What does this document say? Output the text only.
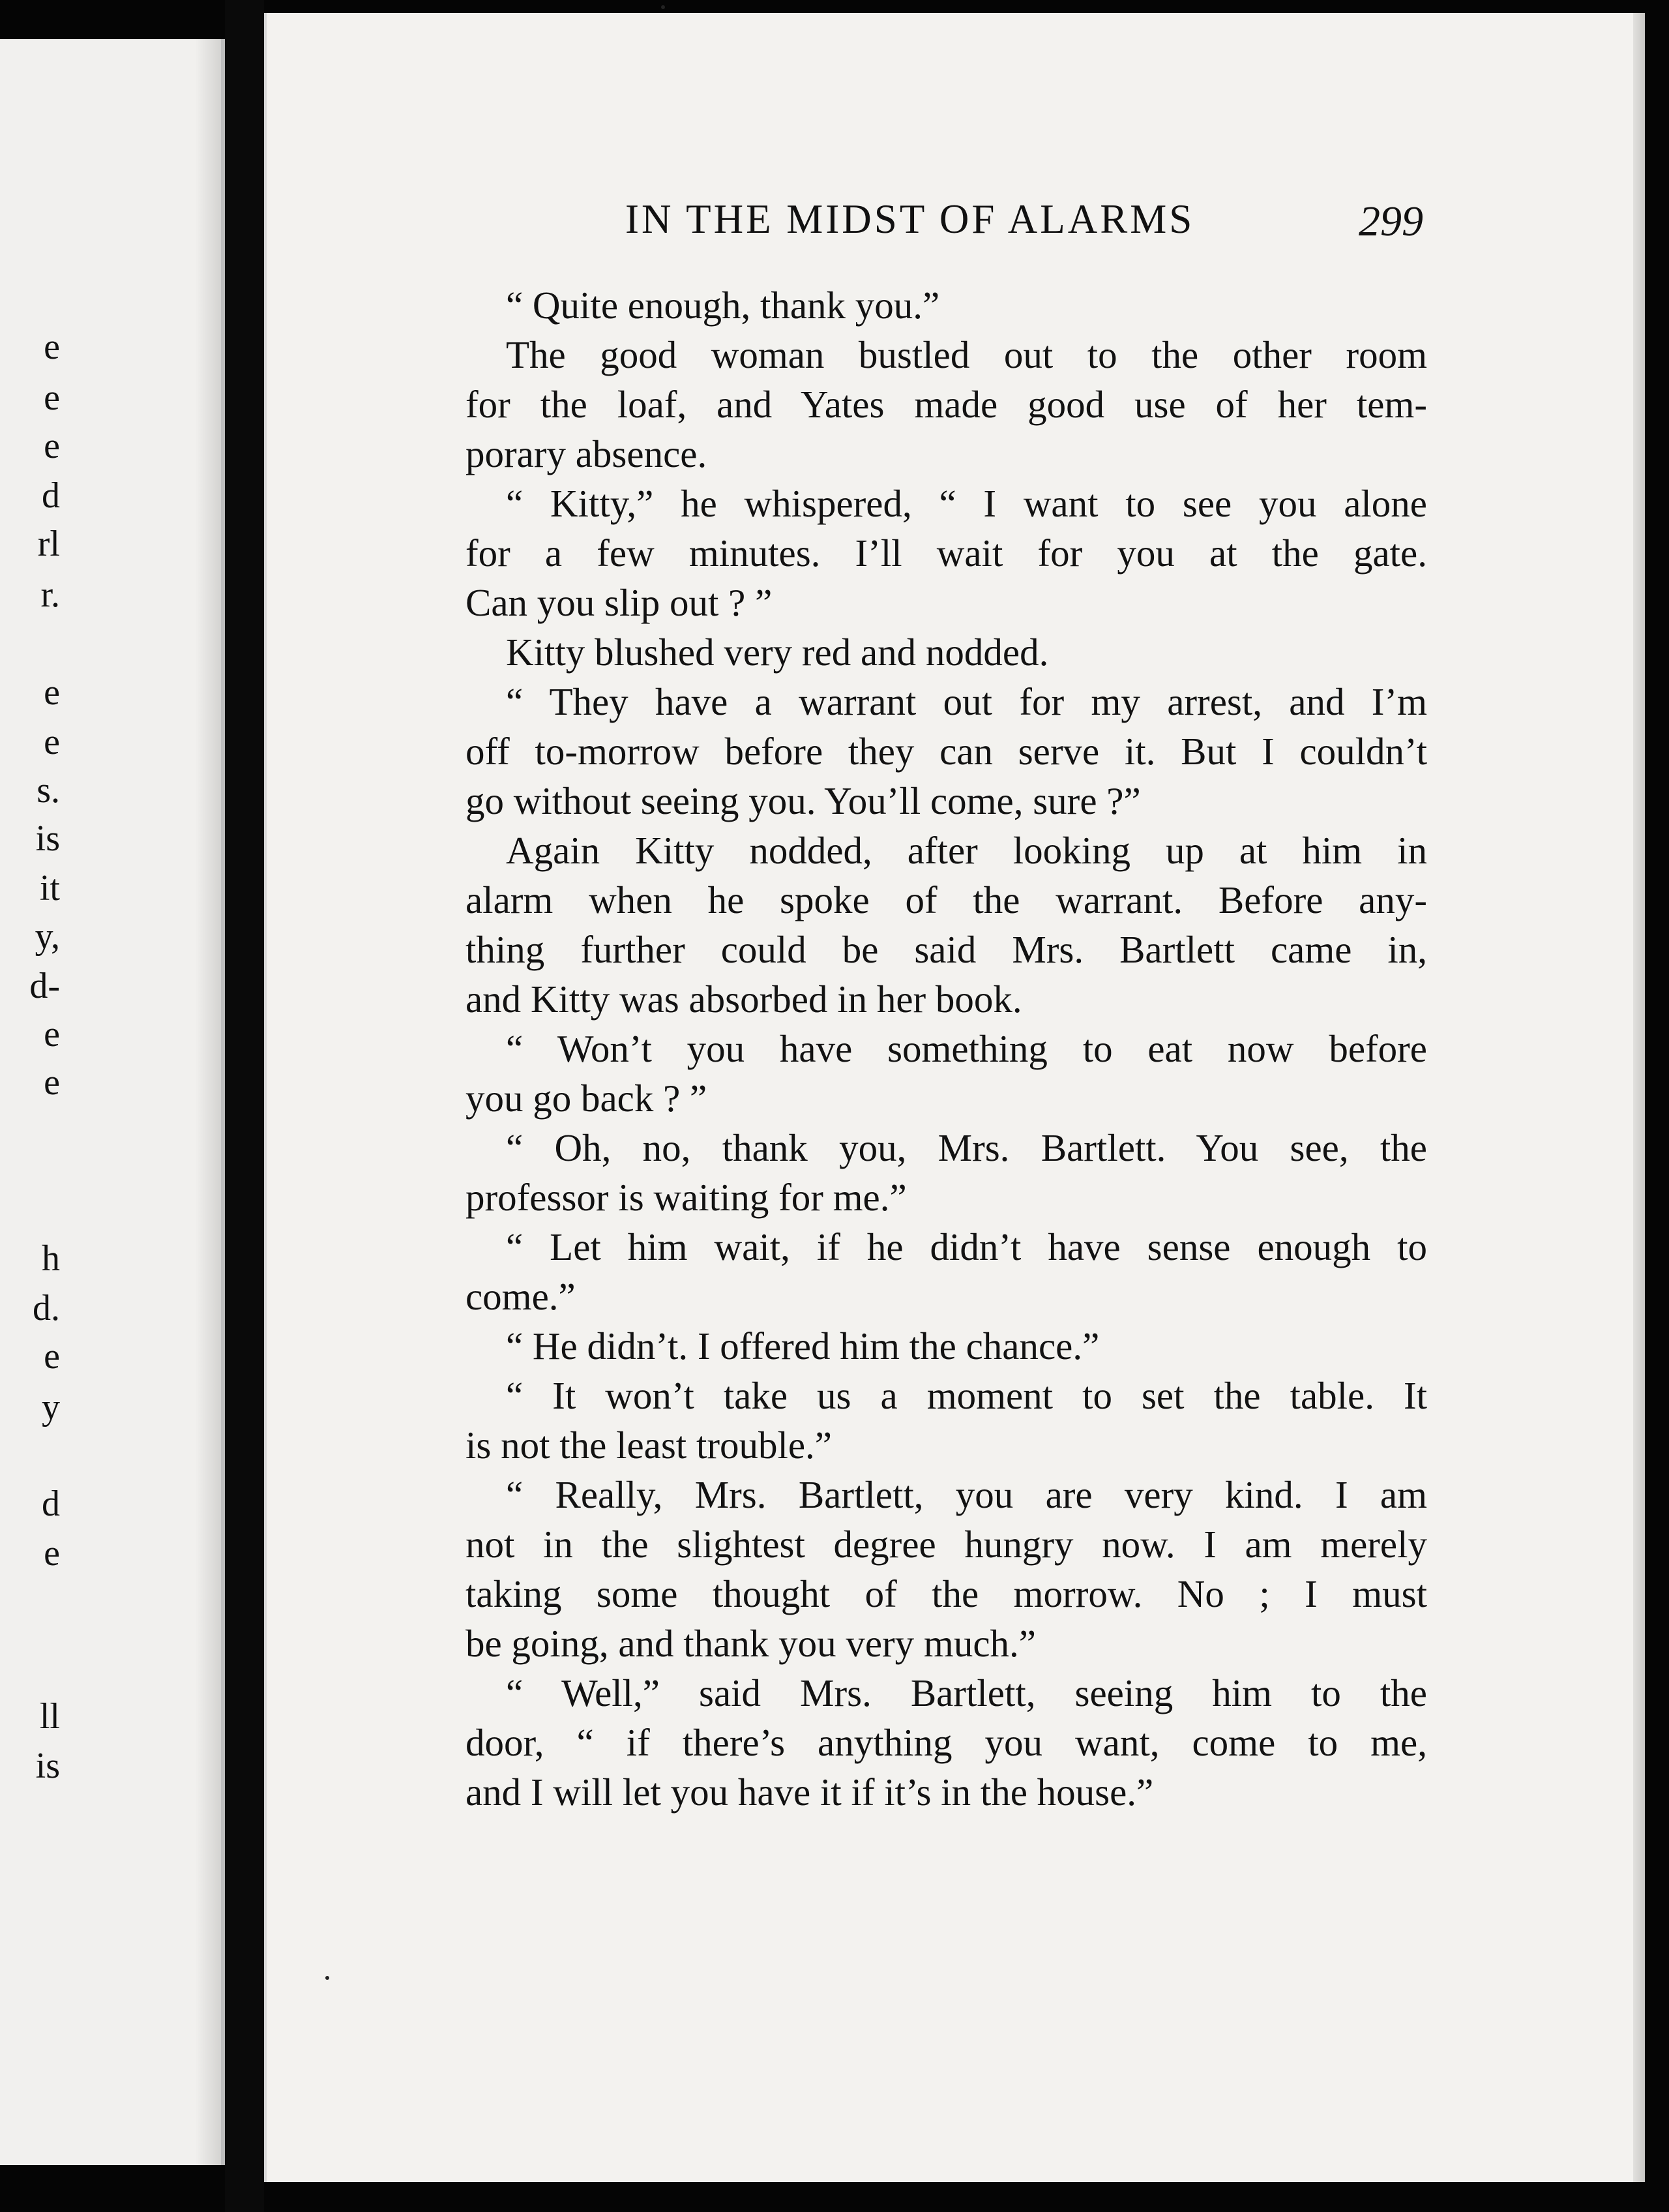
e
e
e
d
rl
r.
e
e
s.
is
it
y,
d-
e
e
h
d.
e
y
d
e
ll
is
IN THE MIDST OF ALARMS	299
“ Quite enough, thank you.”
The good woman bustled out to the other room
for the loaf, and Yates made good use of her tem-
porary absence.
“ Kitty,” he whispered, “ I want to see you alone
for a few minutes. I’ll wait for you at the gate.
Can you slip out ? ”
Kitty blushed very red and nodded.
“ They have a warrant out for my arrest, and I’m
off to-morrow before they can serve it. But I couldn’t
go without seeing you. You’ll come, sure ?”
Again Kitty nodded, after looking up at him in
alarm when he spoke of the warrant. Before any-
thing further could be said Mrs. Bartlett came in,
and Kitty was absorbed in her book.
“ Won’t you have something to eat now before
you go back ? ”
“ Oh, no, thank you, Mrs. Bartlett. You see, the
professor is waiting for me.”
“ Let him wait, if he didn’t have sense enough to
come.”
“ He didn’t. I offered him the chance.”
“ It won’t take us a moment to set the table. It
is not the least trouble.”
“ Really, Mrs. Bartlett, you are very kind. I am
not in the slightest degree hungry now. I am merely
taking some thought of the morrow. No ; I must
be going, and thank you very much.”
“ Well,” said Mrs. Bartlett, seeing him to the
door, “ if there’s anything you want, come to me,
and I will let you have it if it’s in the house.”
